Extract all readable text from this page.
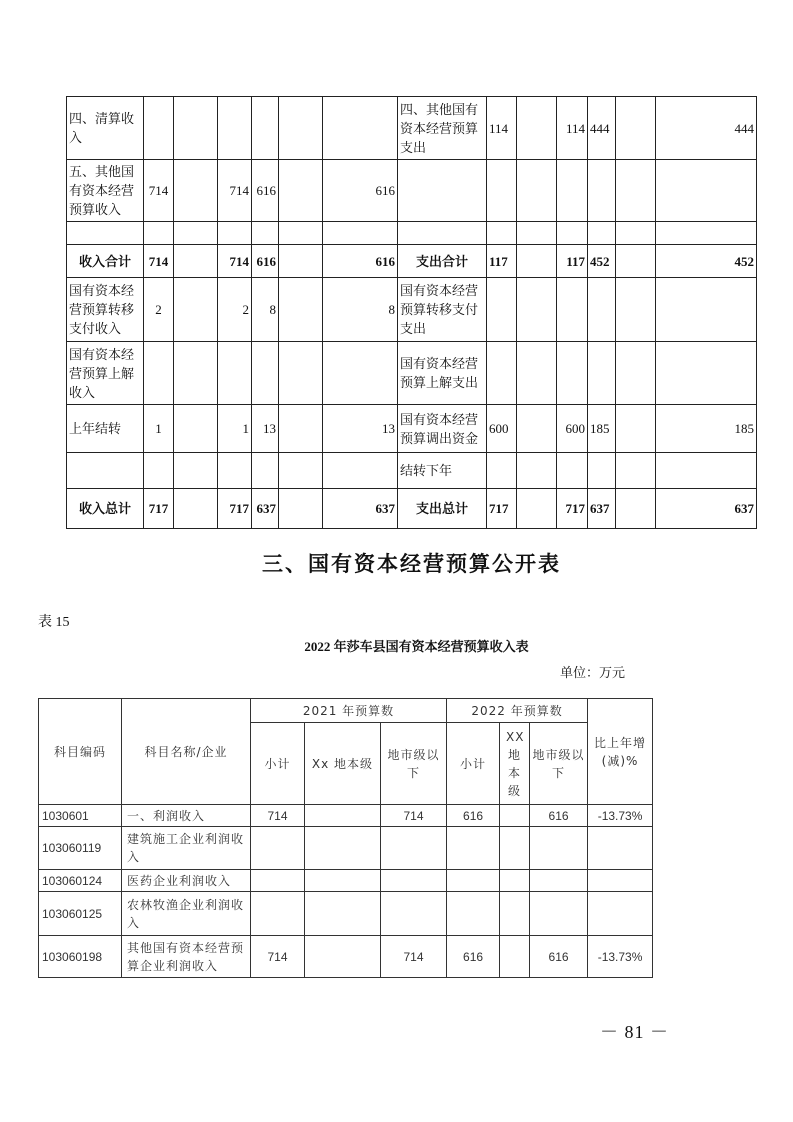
四、清算收入							四、其他国有资本经营预算支出	114		114	444		444
五、其他国有资本经营预算收入	714		714	616		616							

收入合计	714		714	616		616	支出合计	117		117	452		452
国有资本经营预算转移支付收入	2		2	8		8	国有资本经营预算转移支付支出						
国有资本经营预算上解收入							国有资本经营预算上解支出						
上年结转	1		1	13		13	国有资本经营预算调出资金	600		600	185		185
							结转下年						
收入总计	717		717	637		637	支出总计	717		717	637		637
三、国有资本经营预算公开表
表 15
2022 年莎车县国有资本经营预算收入表
单位：万元
科目编码	科目名称/企业	2021 年预算数			2022 年预算数			比上年增(减)%
		小计	Xx 地本级	地市级以下	小计	XX地本级	地市级以下	
1030601	一、利润收入	714		714	616		616	-13.73%
103060119	建筑施工企业利润收入							
103060124	医药企业利润收入							
103060125	农林牧渔企业利润收入							
103060198	其他国有资本经营预算企业利润收入	714		714	616		616	-13.73%
－ 81 －
